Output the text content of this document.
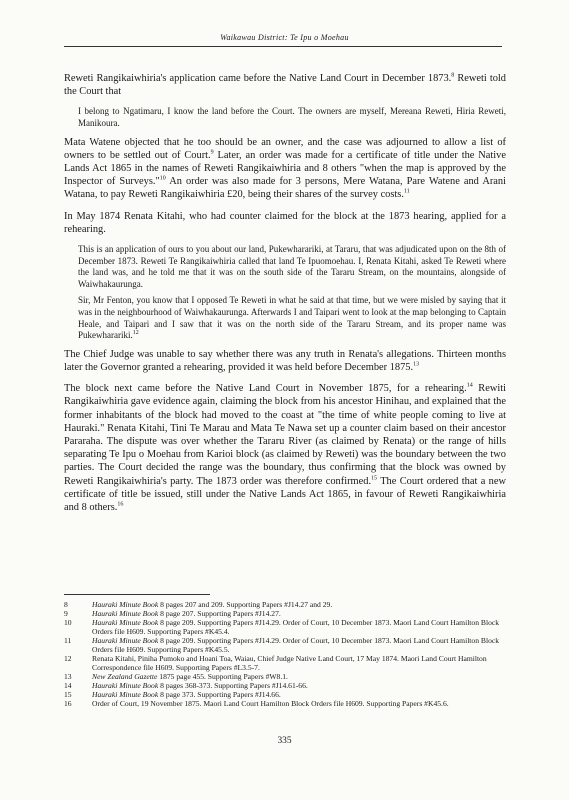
Waikawau District: Te Ipu o Moehau

Reweti Rangikaiwhiria's application came before the Native Land Court in December 1873.$^8$ Reweti told the Court that

I belong to Ngatimaru, I know the land before the Court. The owners are myself, Mereana Reweti, Hiria Reweti, Manikoura.

Mata Watene objected that he too should be an owner, and the case was adjourned to allow a list of owners to be settled out of Court.$^9$ Later, an order was made for a certificate of title under the Native Lands Act 1865 in the names of Reweti Rangikaiwhiria and 8 others "when the map is approved by the Inspector of Surveys."$^{10}$ An order was also made for 3 persons, Mere Watana, Pare Watene and Arani Watana, to pay Reweti Rangikaiwhiria £20, being their shares of the survey costs.$^{11}$

In May 1874 Renata Kitahi, who had counter claimed for the block at the 1873 hearing, applied for a rehearing.

This is an application of ours to you about our land, Pukewharariki, at Tararu, that was adjudicated upon on the 8th of December 1873. Reweti Te Rangikaiwhiria called that land Te Ipuomoehau. I, Renata Kitahi, asked Te Reweti where the land was, and he told me that it was on the south side of the Tararu Stream, on the mountains, alongside of Waiwhakaurunga.

Sir, Mr Fenton, you know that I opposed Te Reweti in what he said at that time, but we were misled by saying that it was in the neighbourhood of Waiwhakaurunga. Afterwards I and Taipari went to look at the map belonging to Captain Heale, and Taipari and I saw that it was on the north side of the Tararu Stream, and its proper name was Pukewharariki.$^{12}$

The Chief Judge was unable to say whether there was any truth in Renata's allegations. Thirteen months later the Governor granted a rehearing, provided it was held before December 1875.13

The block next came before the Native Land Court in November 1875, for a rehearing.$^{14}$ Rewiti Rangikaiwhiria gave evidence again, claiming the block from his ancestor Hinihau, and explained that the former inhabitants of the block had moved to the coast at "the time of white people coming to live at Hauraki." Renata Kitahi, Tini Te Marau and Mata Te Nawa set up a counter claim based on their ancestor Pararaha. The dispute was over whether the Tararu River (as claimed by Renata) or the range of hills separating Te Ipu o Moehau from Karioi block (as claimed by Reweti) was the boundary between the two parties. The Court decided the range was the boundary, thus confirming that the block was owned by Reweti Rangikaiwhiria's party. The 1873 order was therefore confirmed.$^{15}$ The Court ordered that a new certificate of title be issued, still under the Native Lands Act 1865, in favour of Reweti Rangikaiwhiria and 8 others.$^{16}$

8	Hauraki Minute Book 8 pages 207 and 209. Supporting Papers #J14.27 and 29.
9	Hauraki Minute Book 8 page 207. Supporting Papers #J14.27.
10	Hauraki Minute Book 8 page 209. Supporting Papers #J14.29. Order of Court, 10 December 1873. Maori Land Court Hamilton Block Orders file H609. Supporting Papers #K45.4.
11	Hauraki Minute Book 8 page 209. Supporting Papers #J14.29. Order of Court, 10 December 1873. Maori Land Court Hamilton Block Orders file H609. Supporting Papers #K45.5.
12	Renata Kitahi, Piniha Pumoko and Hoani Toa, Waiau, Chief Judge Native Land Court, 17 May 1874. Maori Land Court Hamilton Correspondence file H609. Supporting Papers #L3.5-7.
13	New Zealand Gazette 1875 page 455. Supporting Papers #W8.1.
14	Hauraki Minute Book 8 pages 368-373. Supporting Papers #J14.61-66.
15	Hauraki Minute Book 8 page 373. Supporting Papers #J14.66.
16	Order of Court, 19 November 1875. Maori Land Court Hamilton Block Orders file H609. Supporting Papers #K45.6.
335
